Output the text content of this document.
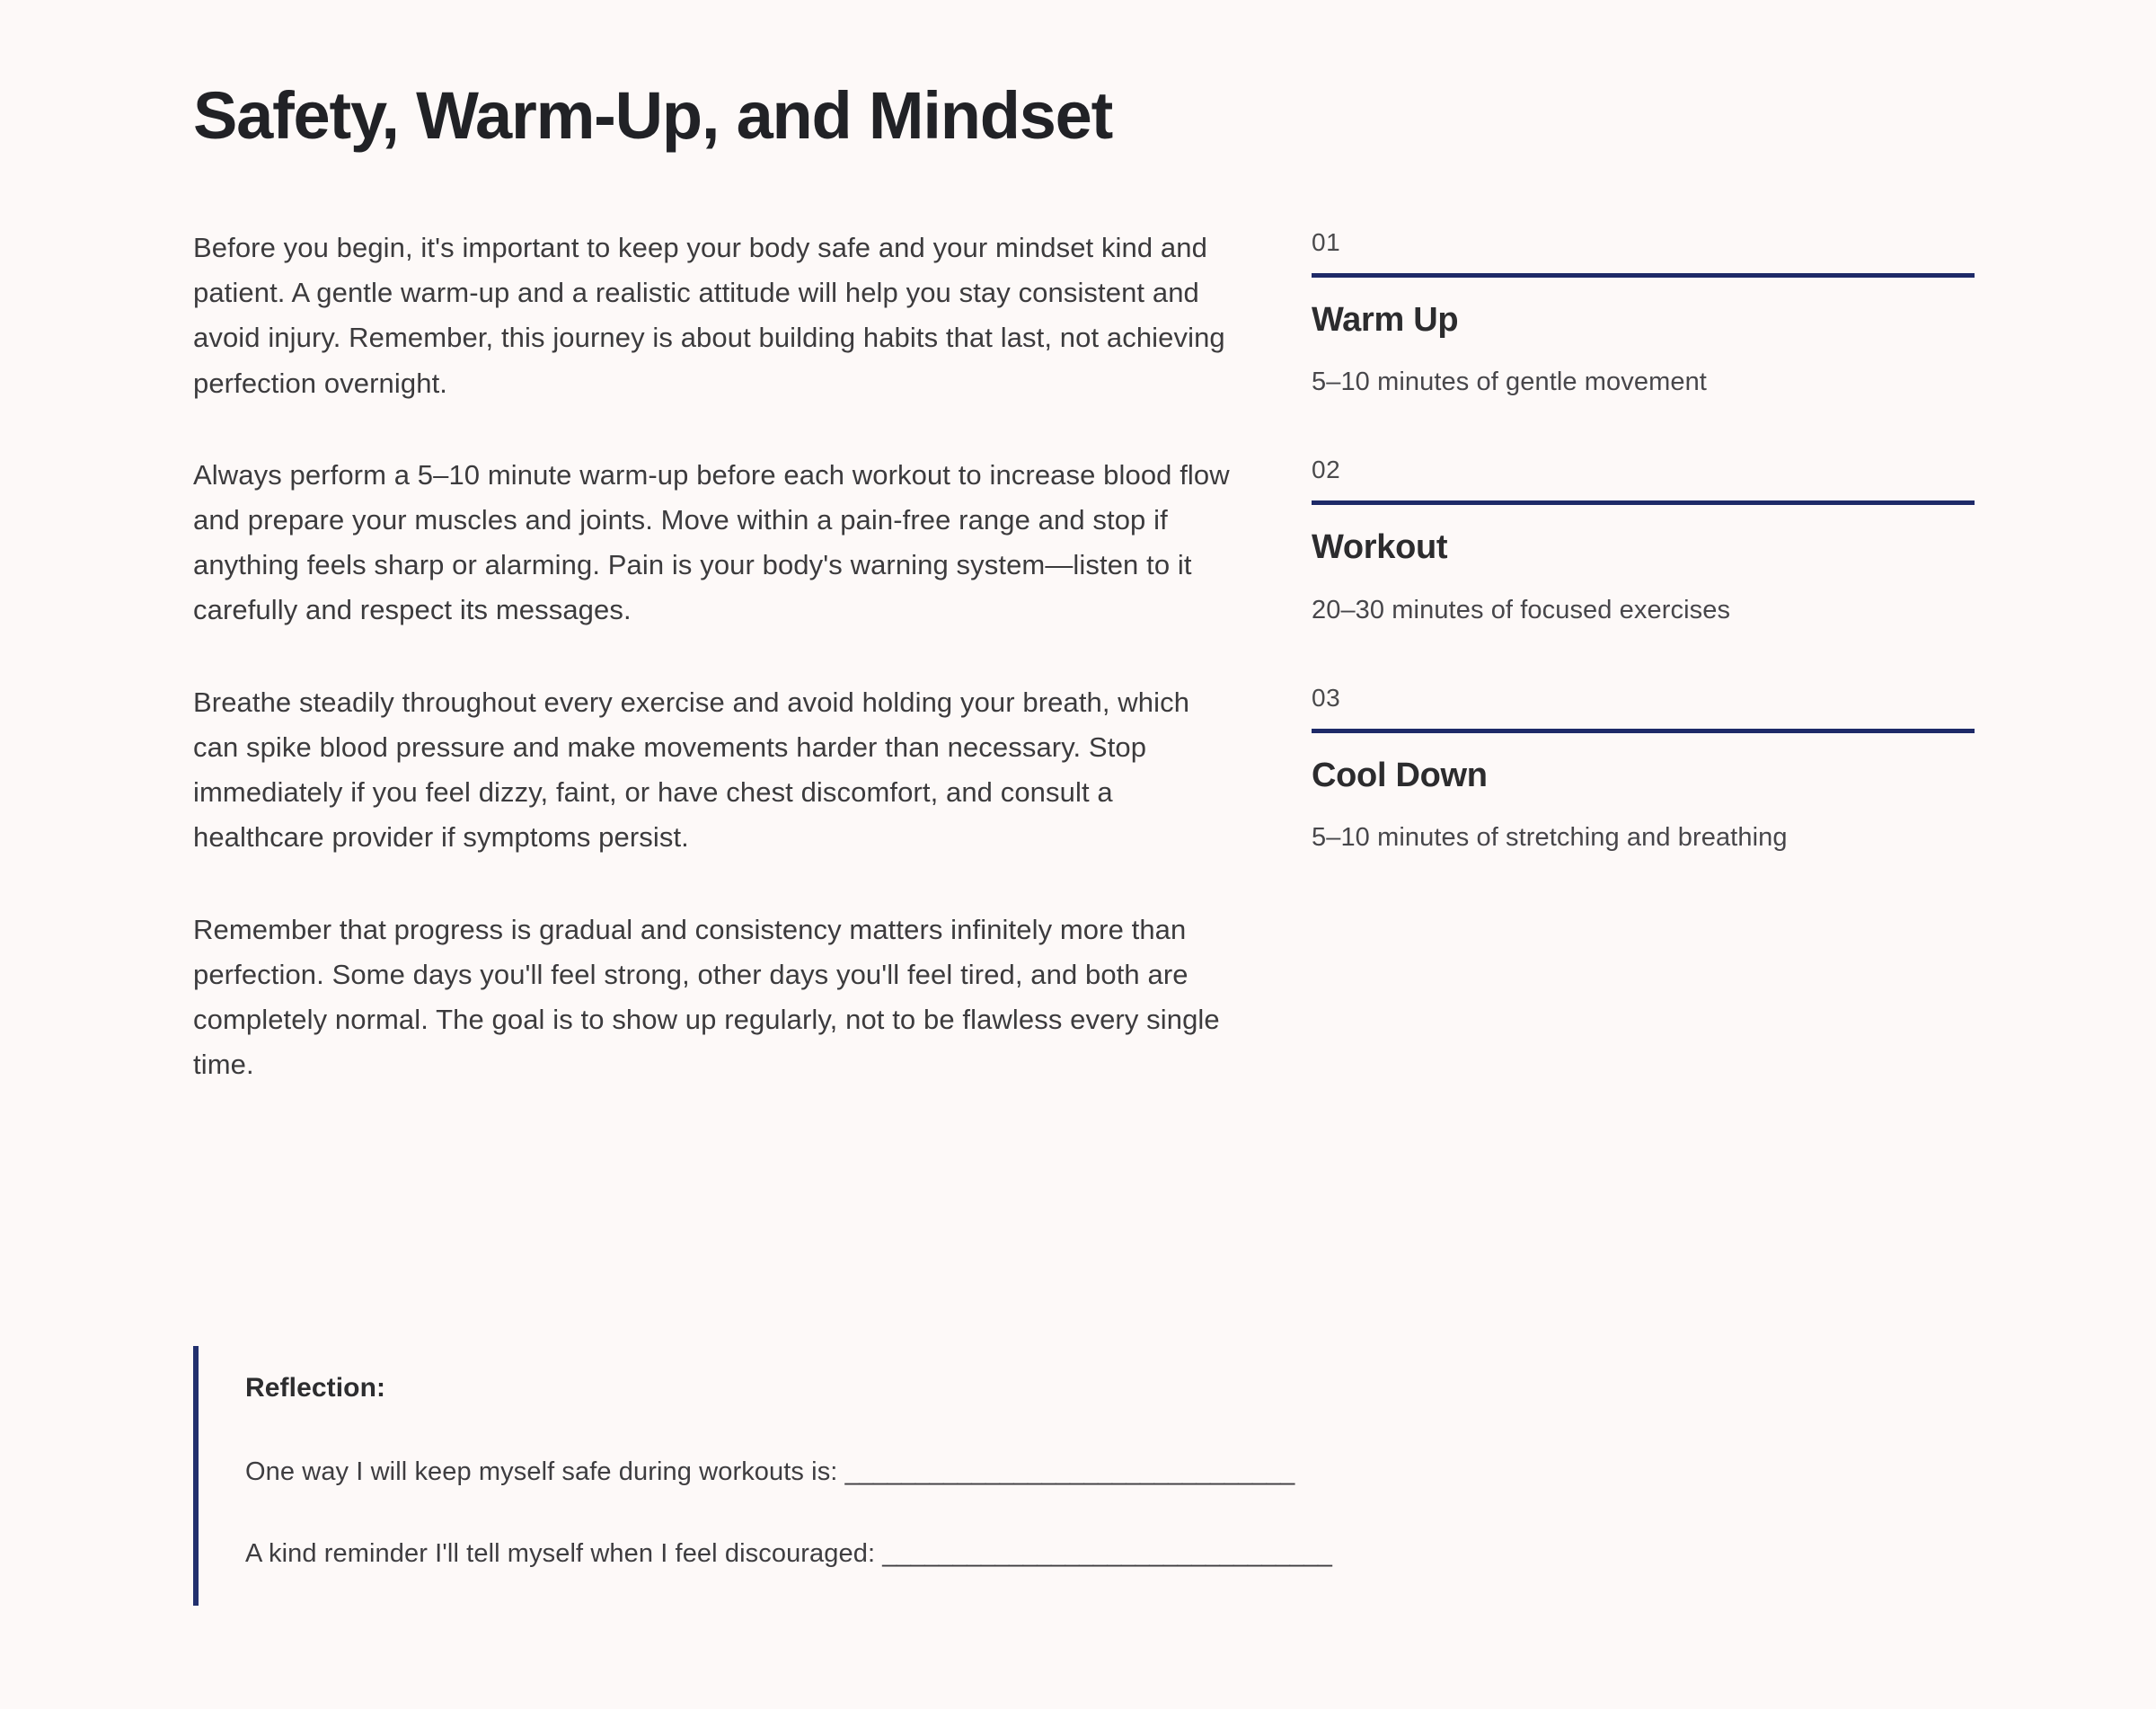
Safety, Warm-Up, and Mindset

Before you begin, it's important to keep your body safe and your mindset kind and patient. A gentle warm-up and a realistic attitude will help you stay consistent and avoid injury. Remember, this journey is about building habits that last, not achieving perfection overnight.

Always perform a 5–10 minute warm-up before each workout to increase blood flow and prepare your muscles and joints. Move within a pain-free range and stop if anything feels sharp or alarming. Pain is your body's warning system—listen to it carefully and respect its messages.

Breathe steadily throughout every exercise and avoid holding your breath, which can spike blood pressure and make movements harder than necessary. Stop immediately if you feel dizzy, faint, or have chest discomfort, and consult a healthcare provider if symptoms persist.

Remember that progress is gradual and consistency matters infinitely more than perfection. Some days you'll feel strong, other days you'll feel tired, and both are completely normal. The goal is to show up regularly, not to be flawless every single time.

01
Warm Up

5–10 minutes of gentle movement

02
Workout

20–30 minutes of focused exercises

03
Cool Down

5–10 minutes of stretching and breathing

Reflection:

One way I will keep myself safe during workouts is: ________________________________

A kind reminder I'll tell myself when I feel discouraged: ________________________________
